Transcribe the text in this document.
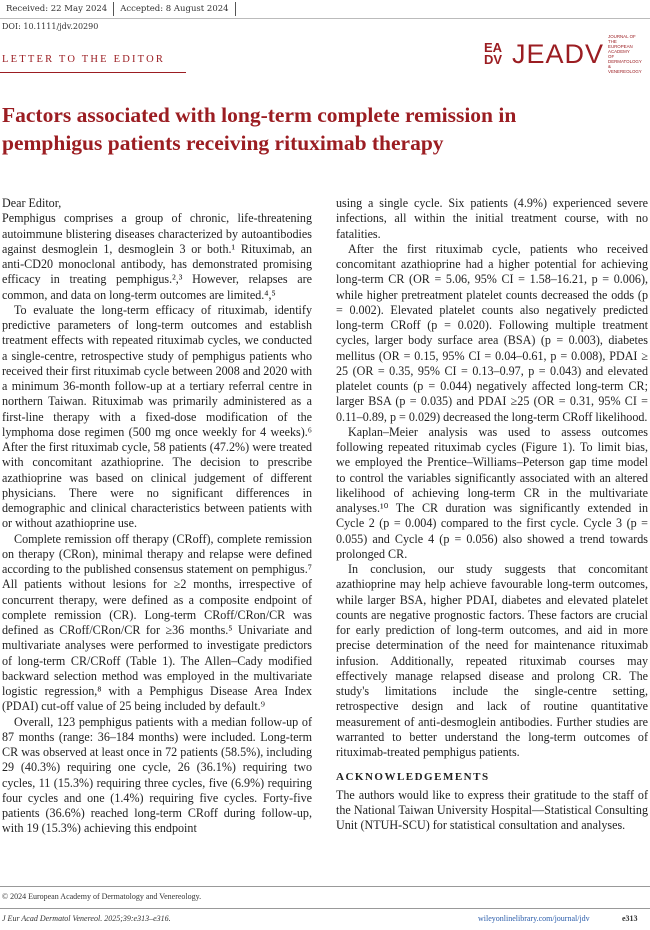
Received: 22 May 2024	Accepted: 8 August 2024
DOI: 10.1111/jdv.20290
EA
DV JEADV
JOURNAL OF THE EUROPEAN ACADEMY OF DERMATOLOGY & VENEREOLOGY
LETTER TO THE EDITOR
Factors associated with long-term complete remission in pemphigus patients receiving rituximab therapy

Dear Editor,

Pemphigus comprises a group of chronic, life-threatening autoimmune blistering diseases characterized by autoantibodies against desmoglein 1, desmoglein 3 or both.¹ Rituximab, an anti-CD20 monoclonal antibody, has demonstrated promising efficacy in treating pemphigus.²,³ However, relapses are common, and data on long-term outcomes are limited.⁴,⁵

To evaluate the long-term efficacy of rituximab, identify predictive parameters of long-term outcomes and establish treatment effects with repeated rituximab cycles, we conducted a single-centre, retrospective study of pemphigus patients who received their first rituximab cycle between 2008 and 2020 with a minimum 36-month follow-up at a tertiary referral centre in northern Taiwan. Rituximab was primarily administered as a first-line therapy with a fixed-dose modification of the lymphoma dose regimen (500 mg once weekly for 4 weeks).⁶ After the first rituximab cycle, 58 patients (47.2%) were treated with concomitant azathioprine. The decision to prescribe azathioprine was based on clinical judgement of different physicians. There were no significant differences in demographic and clinical characteristics between patients with or without azathioprine use.

Complete remission off therapy (CRoff), complete remission on therapy (CRon), minimal therapy and relapse were defined according to the published consensus statement on pemphigus.⁷ All patients without lesions for ≥2 months, irrespective of concurrent therapy, were defined as a composite endpoint of complete remission (CR). Long-term CRoff/CRon/CR was defined as CRoff/CRon/CR for ≥36 months.⁵ Univariate and multivariate analyses were performed to investigate predictors of long-term CR/CRoff (Table 1). The Allen–Cady modified backward selection method was employed in the multivariate logistic regression,⁸ with a Pemphigus Disease Area Index (PDAI) cut-off value of 25 being included by default.⁹

Overall, 123 pemphigus patients with a median follow-up of 87 months (range: 36–184 months) were included. Long-term CR was observed at least once in 72 patients (58.5%), including 29 (40.3%) requiring one cycle, 26 (36.1%) requiring two cycles, 11 (15.3%) requiring three cycles, five (6.9%) requiring four cycles and one (1.4%) requiring five cycles. Forty-five patients (36.6%) reached long-term CRoff during follow-up, with 19 (15.3%) achieving this endpoint

using a single cycle. Six patients (4.9%) experienced severe infections, all within the initial treatment course, with no fatalities.

After the first rituximab cycle, patients who received concomitant azathioprine had a higher potential for achieving long-term CR (OR = 5.06, 95% CI = 1.58–16.21, p = 0.006), while higher pretreatment platelet counts decreased the odds (p = 0.002). Elevated platelet counts also negatively predicted long-term CRoff (p = 0.020). Following multiple treatment cycles, larger body surface area (BSA) (p = 0.003), diabetes mellitus (OR = 0.15, 95% CI = 0.04–0.61, p = 0.008), PDAI ≥ 25 (OR = 0.35, 95% CI = 0.13–0.97, p = 0.043) and elevated platelet counts (p = 0.044) negatively affected long-term CR; larger BSA (p = 0.035) and PDAI ≥25 (OR = 0.31, 95% CI = 0.11–0.89, p = 0.029) decreased the long-term CRoff likelihood.

Kaplan–Meier analysis was used to assess outcomes following repeated rituximab cycles (Figure 1). To limit bias, we employed the Prentice–Williams–Peterson gap time model to control the variables significantly associated with an altered likelihood of achieving long-term CR in the multivariate analyses.¹⁰ The CR duration was significantly extended in Cycle 2 (p = 0.004) compared to the first cycle. Cycle 3 (p = 0.055) and Cycle 4 (p = 0.056) also showed a trend towards prolonged CR.

In conclusion, our study suggests that concomitant azathioprine may help achieve favourable long-term outcomes, while larger BSA, higher PDAI, diabetes and elevated platelet counts are negative prognostic factors. These factors are crucial for early prediction of long-term outcomes, and aid in more precise determination of the need for maintenance rituximab infusion. Additionally, repeated rituximab courses may effectively manage relapsed disease and prolong CR. The study's limitations include the single-centre setting, retrospective design and lack of routine quantitative measurement of anti-desmoglein antibodies. Further studies are warranted to better understand the long-term outcomes of rituximab-treated pemphigus patients.

ACKNOWLEDGEMENTS

The authors would like to express their gratitude to the staff of the National Taiwan University Hospital—Statistical Consulting Unit (NTUH-SCU) for statistical consultation and analyses.

© 2024 European Academy of Dermatology and Venereology.
J Eur Acad Dermatol Venereol. 2025;39:e313–e316.	wileyonlinelibrary.com/journal/jdv	e313
